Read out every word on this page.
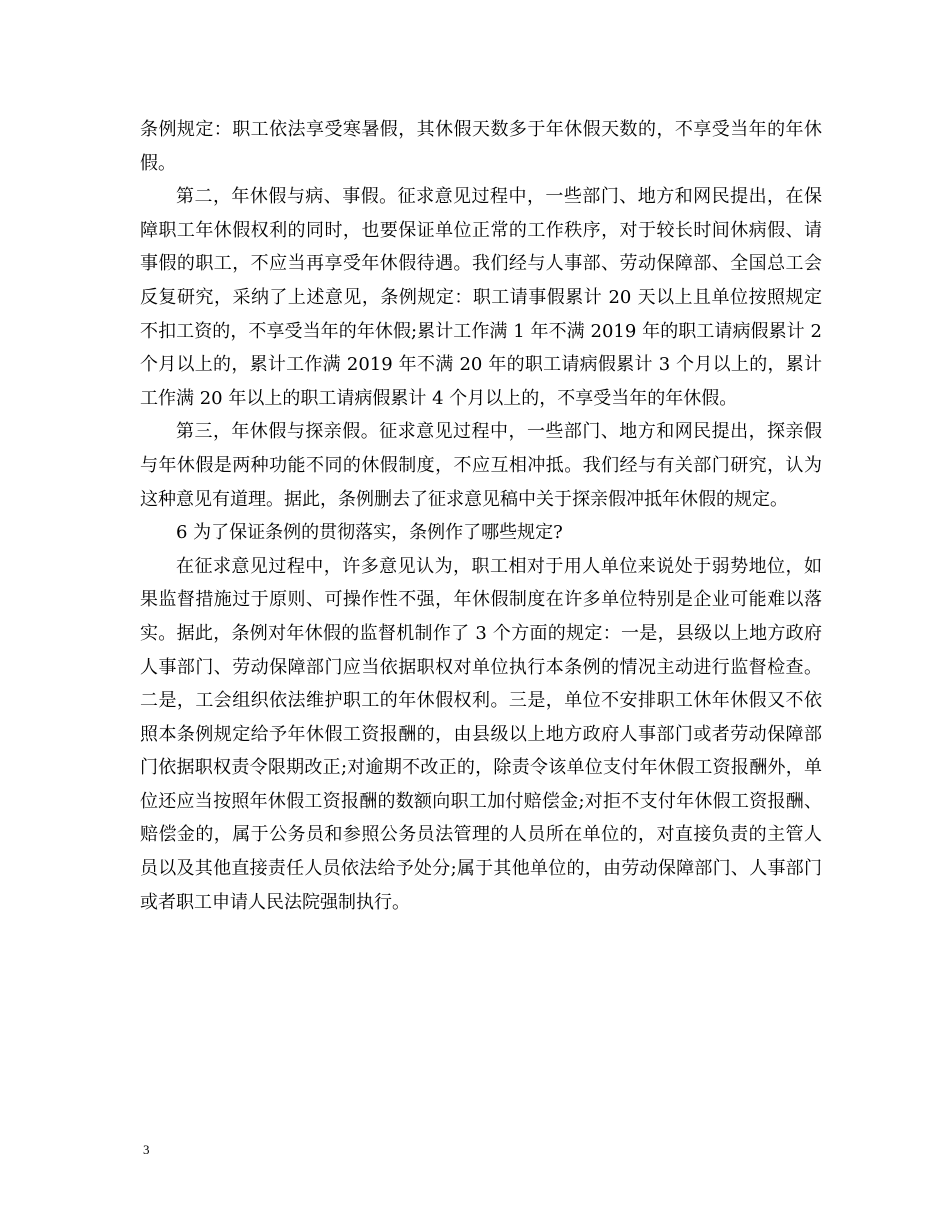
条例规定：职工依法享受寒暑假，其休假天数多于年休假天数的，不享受当年的年休假。

第二，年休假与病、事假。征求意见过程中，一些部门、地方和网民提出，在保障职工年休假权利的同时，也要保证单位正常的工作秩序，对于较长时间休病假、请事假的职工，不应当再享受年休假待遇。我们经与人事部、劳动保障部、全国总工会反复研究，采纳了上述意见，条例规定：职工请事假累计 20 天以上且单位按照规定不扣工资的，不享受当年的年休假;累计工作满 1 年不满 2019 年的职工请病假累计 2 个月以上的，累计工作满 2019 年不满 20 年的职工请病假累计 3 个月以上的，累计工作满 20 年以上的职工请病假累计 4 个月以上的，不享受当年的年休假。

第三，年休假与探亲假。征求意见过程中，一些部门、地方和网民提出，探亲假与年休假是两种功能不同的休假制度，不应互相冲抵。我们经与有关部门研究，认为这种意见有道理。据此，条例删去了征求意见稿中关于探亲假冲抵年休假的规定。

6 为了保证条例的贯彻落实，条例作了哪些规定?

在征求意见过程中，许多意见认为，职工相对于用人单位来说处于弱势地位，如果监督措施过于原则、可操作性不强，年休假制度在许多单位特别是企业可能难以落实。据此，条例对年休假的监督机制作了 3 个方面的规定：一是，县级以上地方政府人事部门、劳动保障部门应当依据职权对单位执行本条例的情况主动进行监督检查。二是，工会组织依法维护职工的年休假权利。三是，单位不安排职工休年休假又不依照本条例规定给予年休假工资报酬的，由县级以上地方政府人事部门或者劳动保障部门依据职权责令限期改正;对逾期不改正的，除责令该单位支付年休假工资报酬外，单位还应当按照年休假工资报酬的数额向职工加付赔偿金;对拒不支付年休假工资报酬、赔偿金的，属于公务员和参照公务员法管理的人员所在单位的，对直接负责的主管人员以及其他直接责任人员依法给予处分;属于其他单位的，由劳动保障部门、人事部门或者职工申请人民法院强制执行。

3
